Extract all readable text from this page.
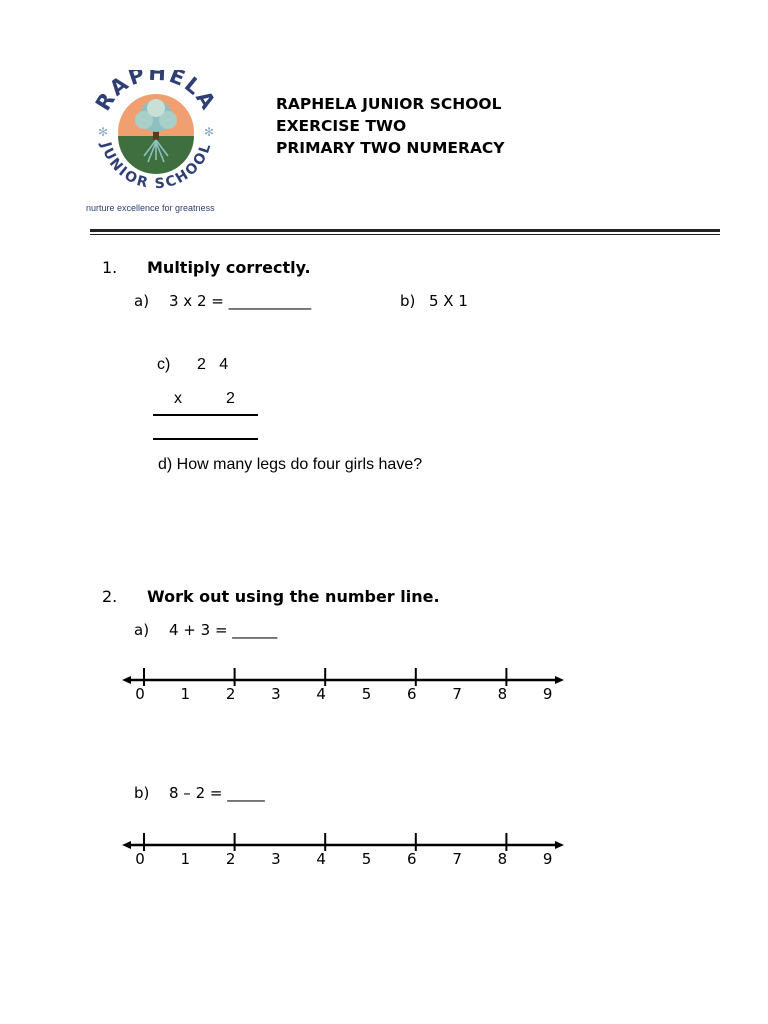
RAPHELA
JUNIOR SCHOOL
✻	✻
nurture excellence for greatness
RAPHELA JUNIOR SCHOOL
EXERCISE TWO
PRIMARY TWO NUMERACY
1. Multiply correctly.
a) 3 x 2 = ___________	b) 5 X 1
c) 2   4
x	2
d) How many legs do four girls have?
2. Work out using the number line.
a) 4 + 3 = ______
0 1 2 3 4 5 6 7 8 9
b) 8 – 2 = _____
0 1 2 3 4 5 6 7 8 9
